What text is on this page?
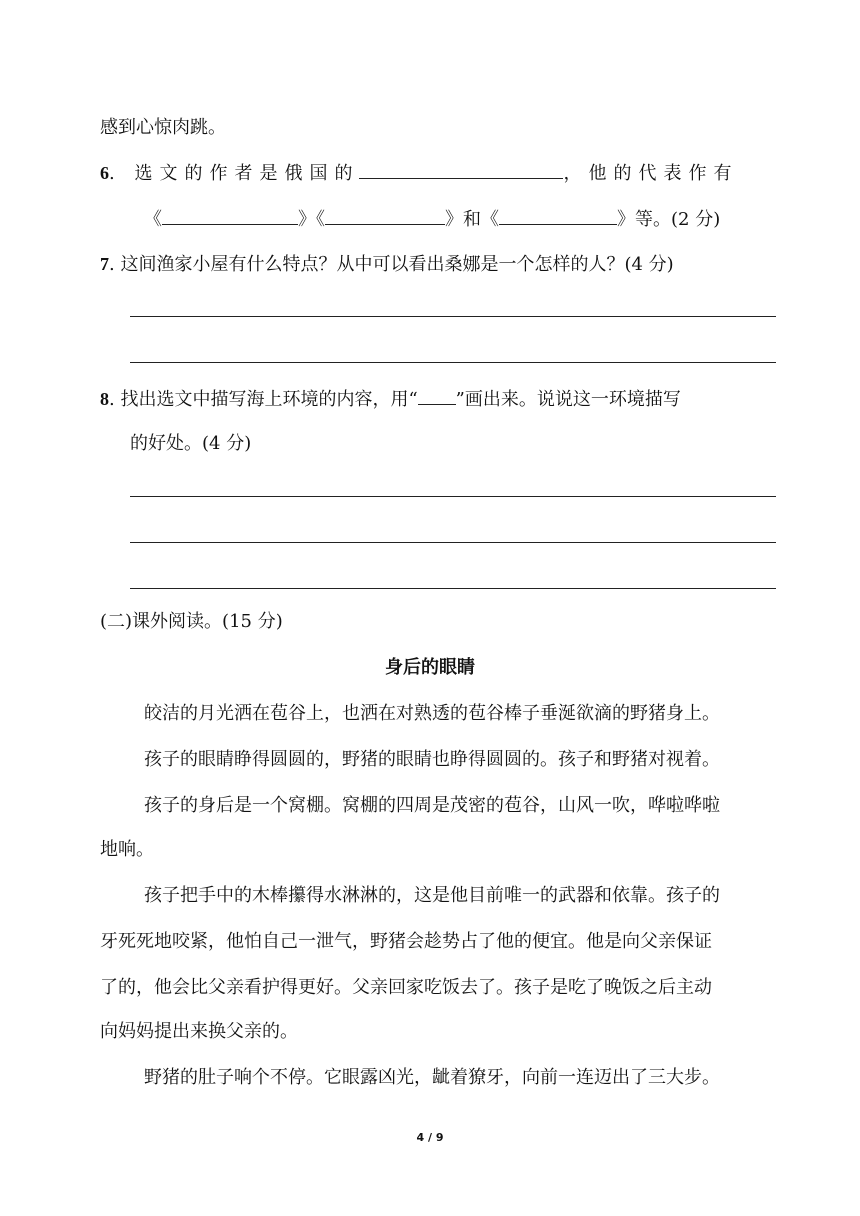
感到心惊肉跳。
6. 选文的作者是俄国的	，他的代表作有
《	》《	》和《	》等。(2 分)
7. 这间渔家小屋有什么特点？从中可以看出桑娜是一个怎样的人？(4 分)
8. 找出选文中描写海上环境的内容，用“ ”画出来。说说这一环境描写
的好处。(4 分)
(二)课外阅读。(15 分)
身后的眼睛
皎洁的月光洒在苞谷上，也洒在对熟透的苞谷棒子垂涎欲滴的野猪身上。
孩子的眼睛睁得圆圆的，野猪的眼睛也睁得圆圆的。孩子和野猪对视着。
孩子的身后是一个窝棚。窝棚的四周是茂密的苞谷，山风一吹，哗啦哗啦
地响。
孩子把手中的木棒攥得水淋淋的，这是他目前唯一的武器和依靠。孩子的
牙死死地咬紧，他怕自己一泄气，野猪会趁势占了他的便宜。他是向父亲保证
了的，他会比父亲看护得更好。父亲回家吃饭去了。孩子是吃了晚饭之后主动
向妈妈提出来换父亲的。
野猪的肚子响个不停。它眼露凶光，龇着獠牙，向前一连迈出了三大步。
4 / 9
